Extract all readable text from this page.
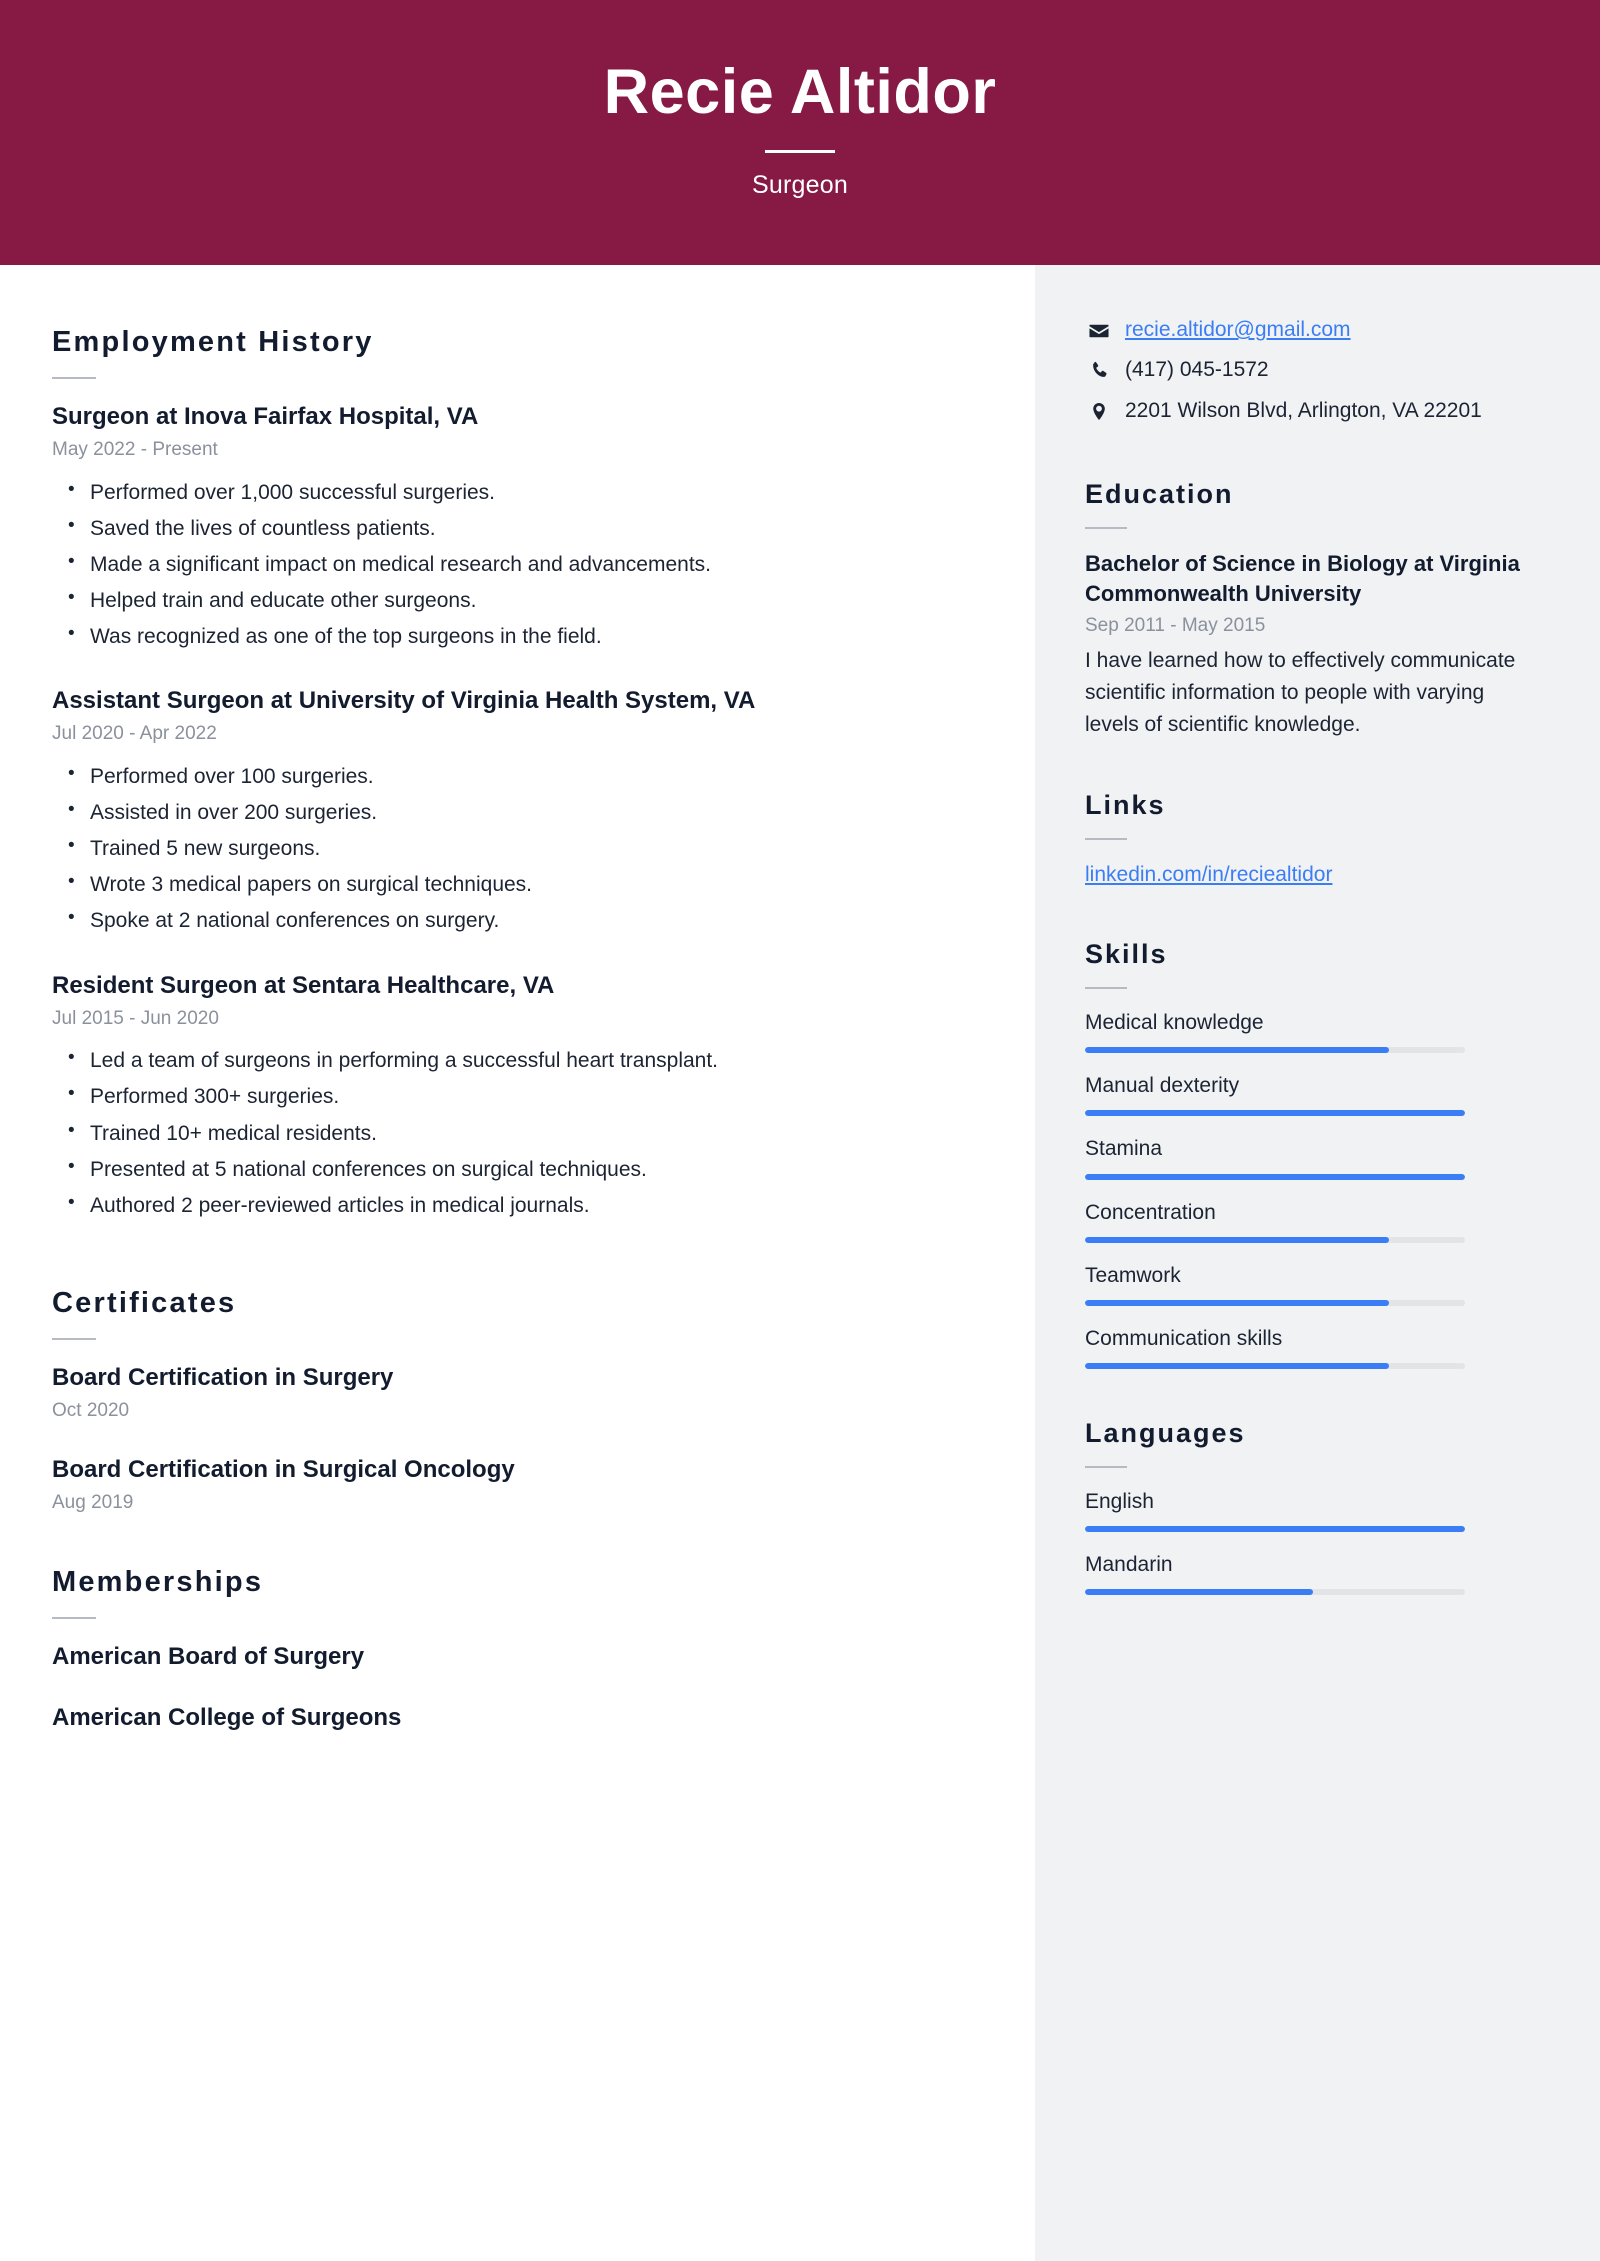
Recie Altidor
Surgeon
Employment History
Surgeon at Inova Fairfax Hospital, VA
May 2022 - Present
• Performed over 1,000 successful surgeries.
• Saved the lives of countless patients.
• Made a significant impact on medical research and advancements.
• Helped train and educate other surgeons.
• Was recognized as one of the top surgeons in the field.
Assistant Surgeon at University of Virginia Health System, VA
Jul 2020 - Apr 2022
• Performed over 100 surgeries.
• Assisted in over 200 surgeries.
• Trained 5 new surgeons.
• Wrote 3 medical papers on surgical techniques.
• Spoke at 2 national conferences on surgery.
Resident Surgeon at Sentara Healthcare, VA
Jul 2015 - Jun 2020
• Led a team of surgeons in performing a successful heart transplant.
• Performed 300+ surgeries.
• Trained 10+ medical residents.
• Presented at 5 national conferences on surgical techniques.
• Authored 2 peer-reviewed articles in medical journals.
Certificates
Board Certification in Surgery
Oct 2020
Board Certification in Surgical Oncology
Aug 2019
Memberships
American Board of Surgery
American College of Surgeons
recie.altidor@gmail.com
(417) 045-1572
2201 Wilson Blvd, Arlington, VA 22201
Education
Bachelor of Science in Biology at Virginia Commonwealth University
Sep 2011 - May 2015
I have learned how to effectively communicate scientific information to people with varying levels of scientific knowledge.
Links
linkedin.com/in/reciealtidor
Skills
Medical knowledge
Manual dexterity
Stamina
Concentration
Teamwork
Communication skills
Languages
English
Mandarin
